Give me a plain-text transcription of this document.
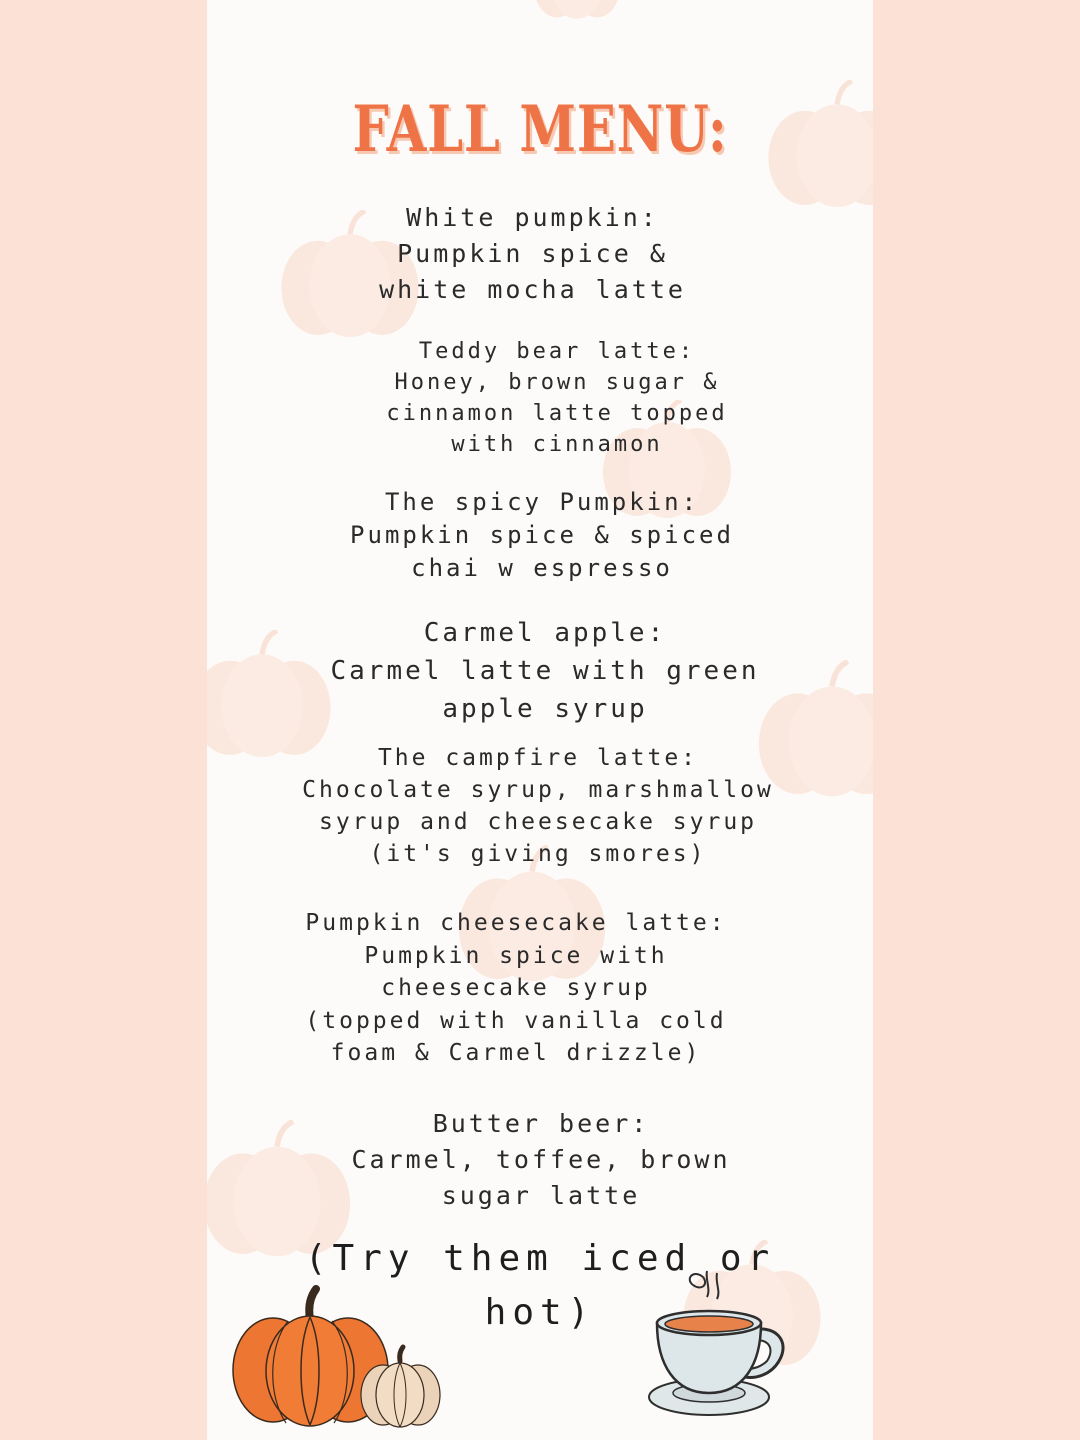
FALL MENU:
White pumpkin:
Pumpkin spice &
white mocha latte
Teddy bear latte:
Honey, brown sugar &
cinnamon latte topped
with cinnamon
The spicy Pumpkin:
Pumpkin spice & spiced
chai w espresso
Carmel apple:
Carmel latte with green
apple syrup
The campfire latte:
Chocolate syrup, marshmallow
syrup and cheesecake syrup
(it's giving smores)
Pumpkin cheesecake latte:
Pumpkin spice with
cheesecake syrup
(topped with vanilla cold
foam & Carmel drizzle)
Butter beer:
Carmel, toffee, brown
sugar latte
(Try them iced or
hot)
